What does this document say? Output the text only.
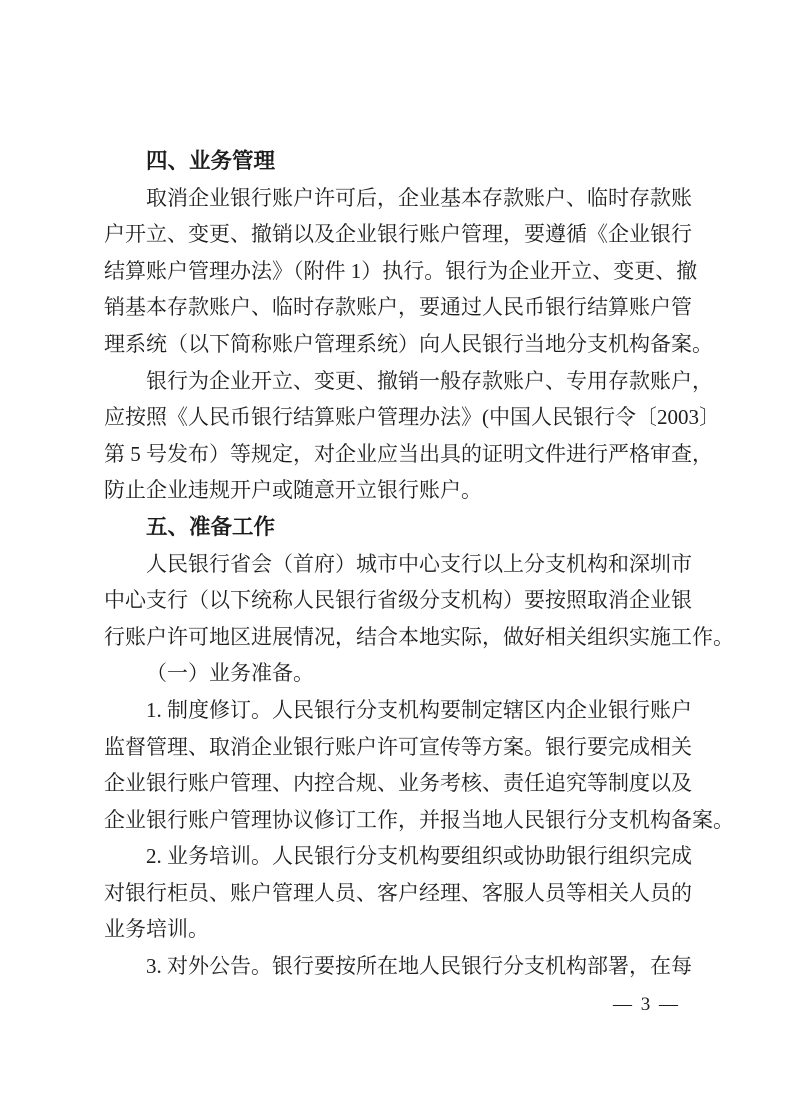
四、业务管理
取消企业银行账户许可后，企业基本存款账户、临时存款账
户开立、变更、撤销以及企业银行账户管理，要遵循《企业银行
结算账户管理办法》（附件 1）执行。银行为企业开立、变更、撤
销基本存款账户、临时存款账户，要通过人民币银行结算账户管
理系统（以下简称账户管理系统）向人民银行当地分支机构备案。
银行为企业开立、变更、撤销一般存款账户、专用存款账户，
应按照《人民币银行结算账户管理办法》(中国人民银行令〔2003〕
第 5 号发布）等规定，对企业应当出具的证明文件进行严格审查，
防止企业违规开户或随意开立银行账户。
五、准备工作
人民银行省会（首府）城市中心支行以上分支机构和深圳市
中心支行（以下统称人民银行省级分支机构）要按照取消企业银
行账户许可地区进展情况，结合本地实际，做好相关组织实施工作。
（一）业务准备。
1. 制度修订。人民银行分支机构要制定辖区内企业银行账户
监督管理、取消企业银行账户许可宣传等方案。银行要完成相关
企业银行账户管理、内控合规、业务考核、责任追究等制度以及
企业银行账户管理协议修订工作，并报当地人民银行分支机构备案。
2. 业务培训。人民银行分支机构要组织或协助银行组织完成
对银行柜员、账户管理人员、客户经理、客服人员等相关人员的
业务培训。
3. 对外公告。银行要按所在地人民银行分支机构部署，在每
— 3 —
